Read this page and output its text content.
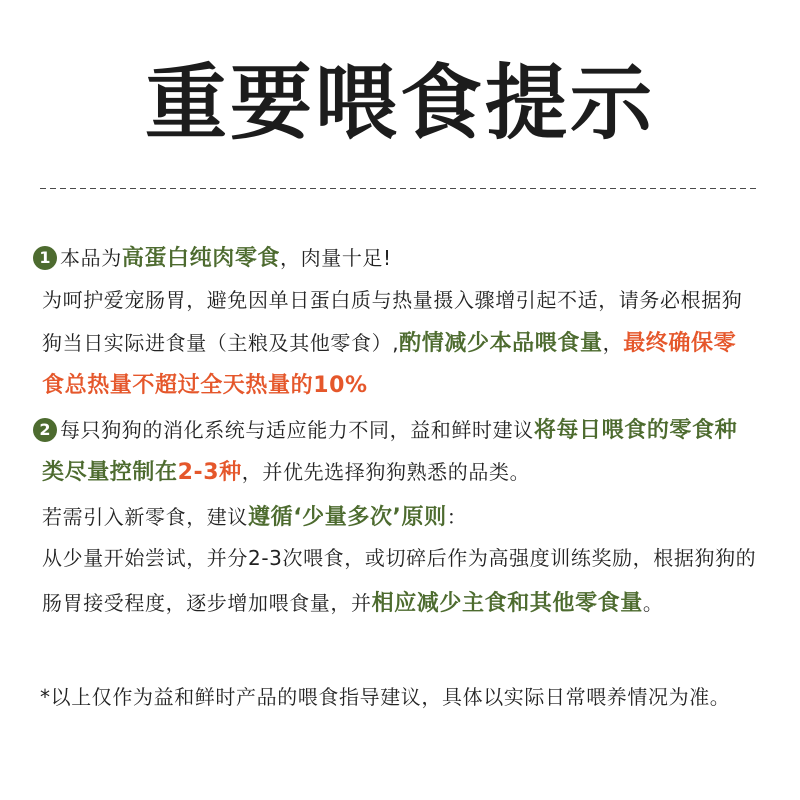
重要喂食提示
1 本品为高蛋白纯肉零食，肉量十足!
为呵护爱宠肠胃，避免因单日蛋白质与热量摄入骤增引起不适，请务必根据狗
狗当日实际进食量（主粮及其他零食）,酌情减少本品喂食量，最终确保零
食总热量不超过全天热量的10%
2 每只狗狗的消化系统与适应能力不同，益和鲜时建议将每日喂食的零食种
类尽量控制在2-3种，并优先选择狗狗熟悉的品类。
若需引入新零食，建议遵循‘少量多次’原则：
从少量开始尝试，并分2-3次喂食，或切碎后作为高强度训练奖励，根据狗狗的
肠胃接受程度，逐步增加喂食量，并相应减少主食和其他零食量。
*以上仅作为益和鲜时产品的喂食指导建议，具体以实际日常喂养情况为准。
